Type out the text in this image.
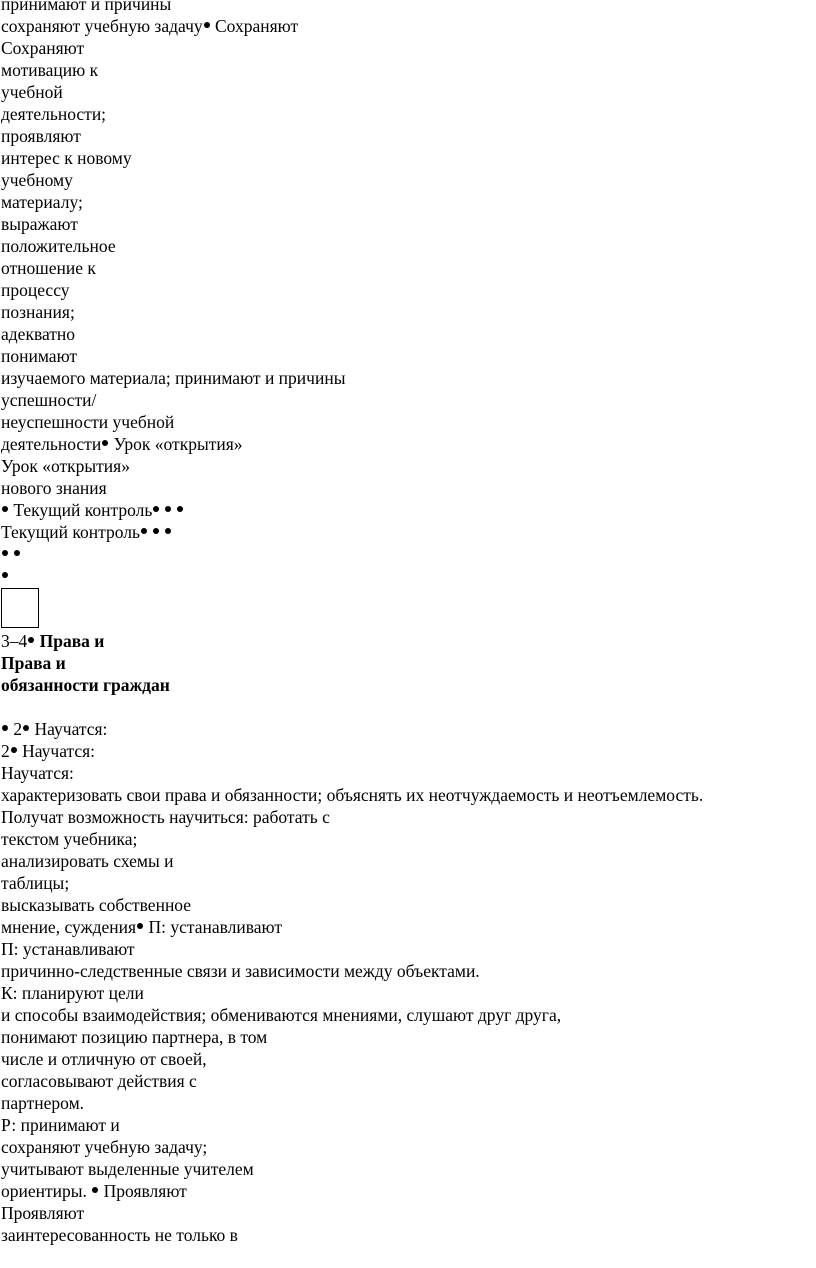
принимают и причины
сохраняют учебную задачу Сохраняют
Сохраняют
мотивацию к
учебной
деятельности;
проявляют
интерес к новому
учебному
материалу;
выражают
положительное
отношение к
процессу
познания;
адекватно
понимают
изучаемого материала; принимают и причины
успешности/
неуспешности учебной
деятельности Урок «открытия»
Урок «открытия»
нового знания
Текущий контроль
Текущий контроль
3–4 Права и
Права и
обязанности граждан
2 Научатся:
2 Научатся:
Научатся:
характеризовать свои права и обязанности; объяснять их неотчуждаемость и неотъемлемость.
Получат возможность научиться: работать с
текстом учебника;
анализировать схемы и
таблицы;
высказывать собственное
мнение, суждения П: устанавливают
П: устанавливают
причинно-следственные связи и зависимости между объектами.
К: планируют цели
и способы взаимодействия; обмениваются мнениями, слушают друг друга,
понимают позицию партнера, в том
числе и отличную от своей,
согласовывают действия с
партнером.
Р: принимают и
сохраняют учебную задачу;
учитывают выделенные учителем
ориентиры. Проявляют
Проявляют
заинтересованность не только в
